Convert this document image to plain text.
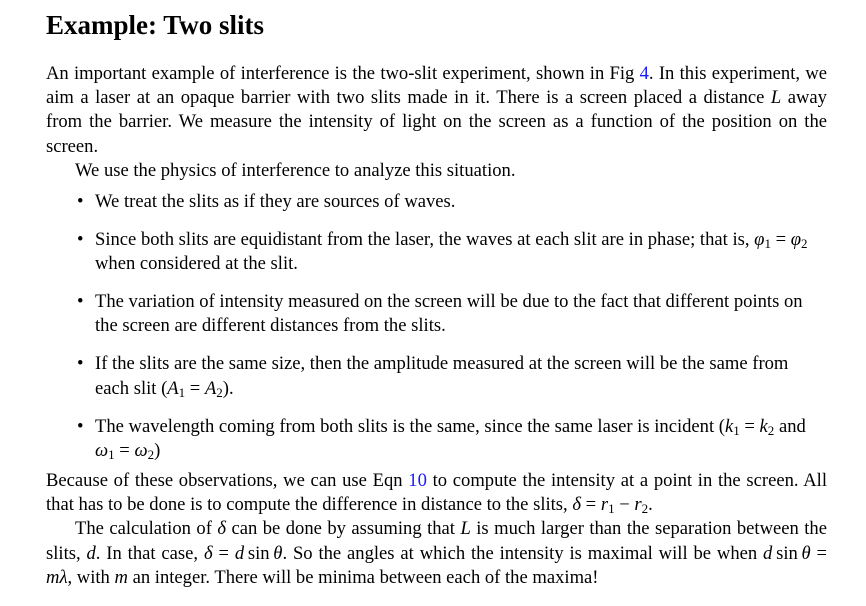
Example: Two slits

An important example of interference is the two-slit experiment, shown in Fig 4. In this experiment, we aim a laser at an opaque barrier with two slits made in it. There is a screen placed a distance L away from the barrier. We measure the intensity of light on the screen as a function of the position on the screen.

We use the physics of interference to analyze this situation.

• We treat the slits as if they are sources of waves.
• Since both slits are equidistant from the laser, the waves at each slit are in phase; that is, $\varphi_1 = \varphi_2$ when considered at the slit.
• The variation of intensity measured on the screen will be due to the fact that different points on the screen are different distances from the slits.
• If the slits are the same size, then the amplitude measured at the screen will be the same from each slit $(A_1 = A_2)$.
• The wavelength coming from both slits is the same, since the same laser is incident ($k_1 = k_2$ and $\omega_1 = \omega_2$)

Because of these observations, we can use Eqn 10 to compute the intensity at a point in the screen. All that has to be done is to compute the difference in distance to the slits, $\delta = r_1 - r_2$.

The calculation of δ can be done by assuming that L is much larger than the separation between the slits, d. In that case, δ = d  sin  θ. So the angles at which the intensity is maximal will be when d  sin  θ = mλ, with m an integer. There will be minima between each of the maxima!
